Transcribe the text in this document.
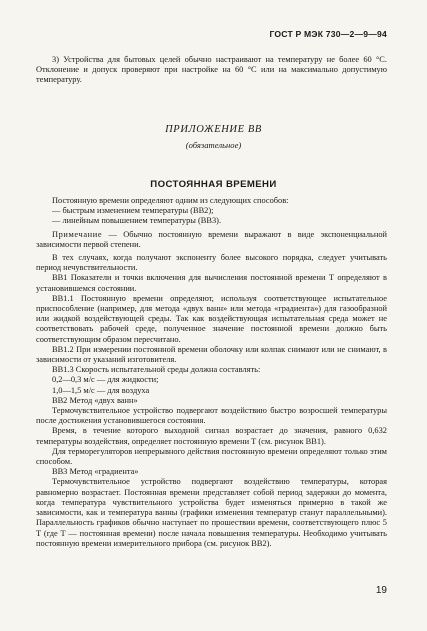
ГОСТ Р МЭК 730—2—9—94

3) Устройства для бытовых целей обычно настраивают на температуру не более 60 °C. Отклонение и допуск проверяют при настройке на 60 °C или на максимально допустимую температуру.

ПРИЛОЖЕНИЕ ВВ
(обязательное)
ПОСТОЯННАЯ ВРЕМЕНИ

Постоянную времени определяют одним из следующих способов:

— быстрым изменением температуры (ВВ2);

— линейным повышением температуры (ВВ3).

Примечание — Обычно постоянную времени выражают в виде экспоненциальной зависимости первой степени.

В тех случаях, когда получают экспоненту более высокого порядка, следует учитывать период нечувствительности.

ВВ1 Показатели и точки включения для вычисления постоянной времени Т определяют в установившемся состоянии.

ВВ1.1 Постоянную времени определяют, используя соответствующее испытательное приспособление (например, для метода «двух ванн» или метода «градиента») для газообразной или жидкой воздействующей среды. Так как воздействующая испытательная среда может не соответствовать рабочей среде, полученное значение постоянной времени должно быть соответствующим образом пересчитано.

ВВ1.2 При измерении постоянной времени оболочку или колпак снимают или не снимают, в зависимости от указаний изготовителя.

ВВ1.3 Скорость испытательной среды должна составлять:

0,2—0,3 м/с — для жидкости;

1,0—1,5 м/с — для воздуха

ВВ2 Метод «двух ванн»

Термочувствительное устройство подвергают воздействию быстро возросшей температуры после достижения установившегося состояния.

Время, в течение которого выходной сигнал возрастает до значения, равного 0,632 температуры воздействия, определяет постоянную времени Т (см. рисунок ВВ1).

Для терморегуляторов непрерывного действия постоянную времени определяют только этим способом.

ВВ3 Метод «градиента»

Термочувствительное устройство подвергают воздействию температуры, которая равномерно возрастает. Постоянная времени представляет собой период задержки до момента, когда температура чувствительного устройства будет изменяться примерно в такой же зависимости, как и температура ванны (графики изменения температур станут параллельными). Параллельность графиков обычно наступает по прошествии времени, соответствующего плюс 5 Т (где Т — постоянная времени) после начала повышения температуры. Необходимо учитывать постоянную времени измерительного прибора (см. рисунок ВВ2).

19
